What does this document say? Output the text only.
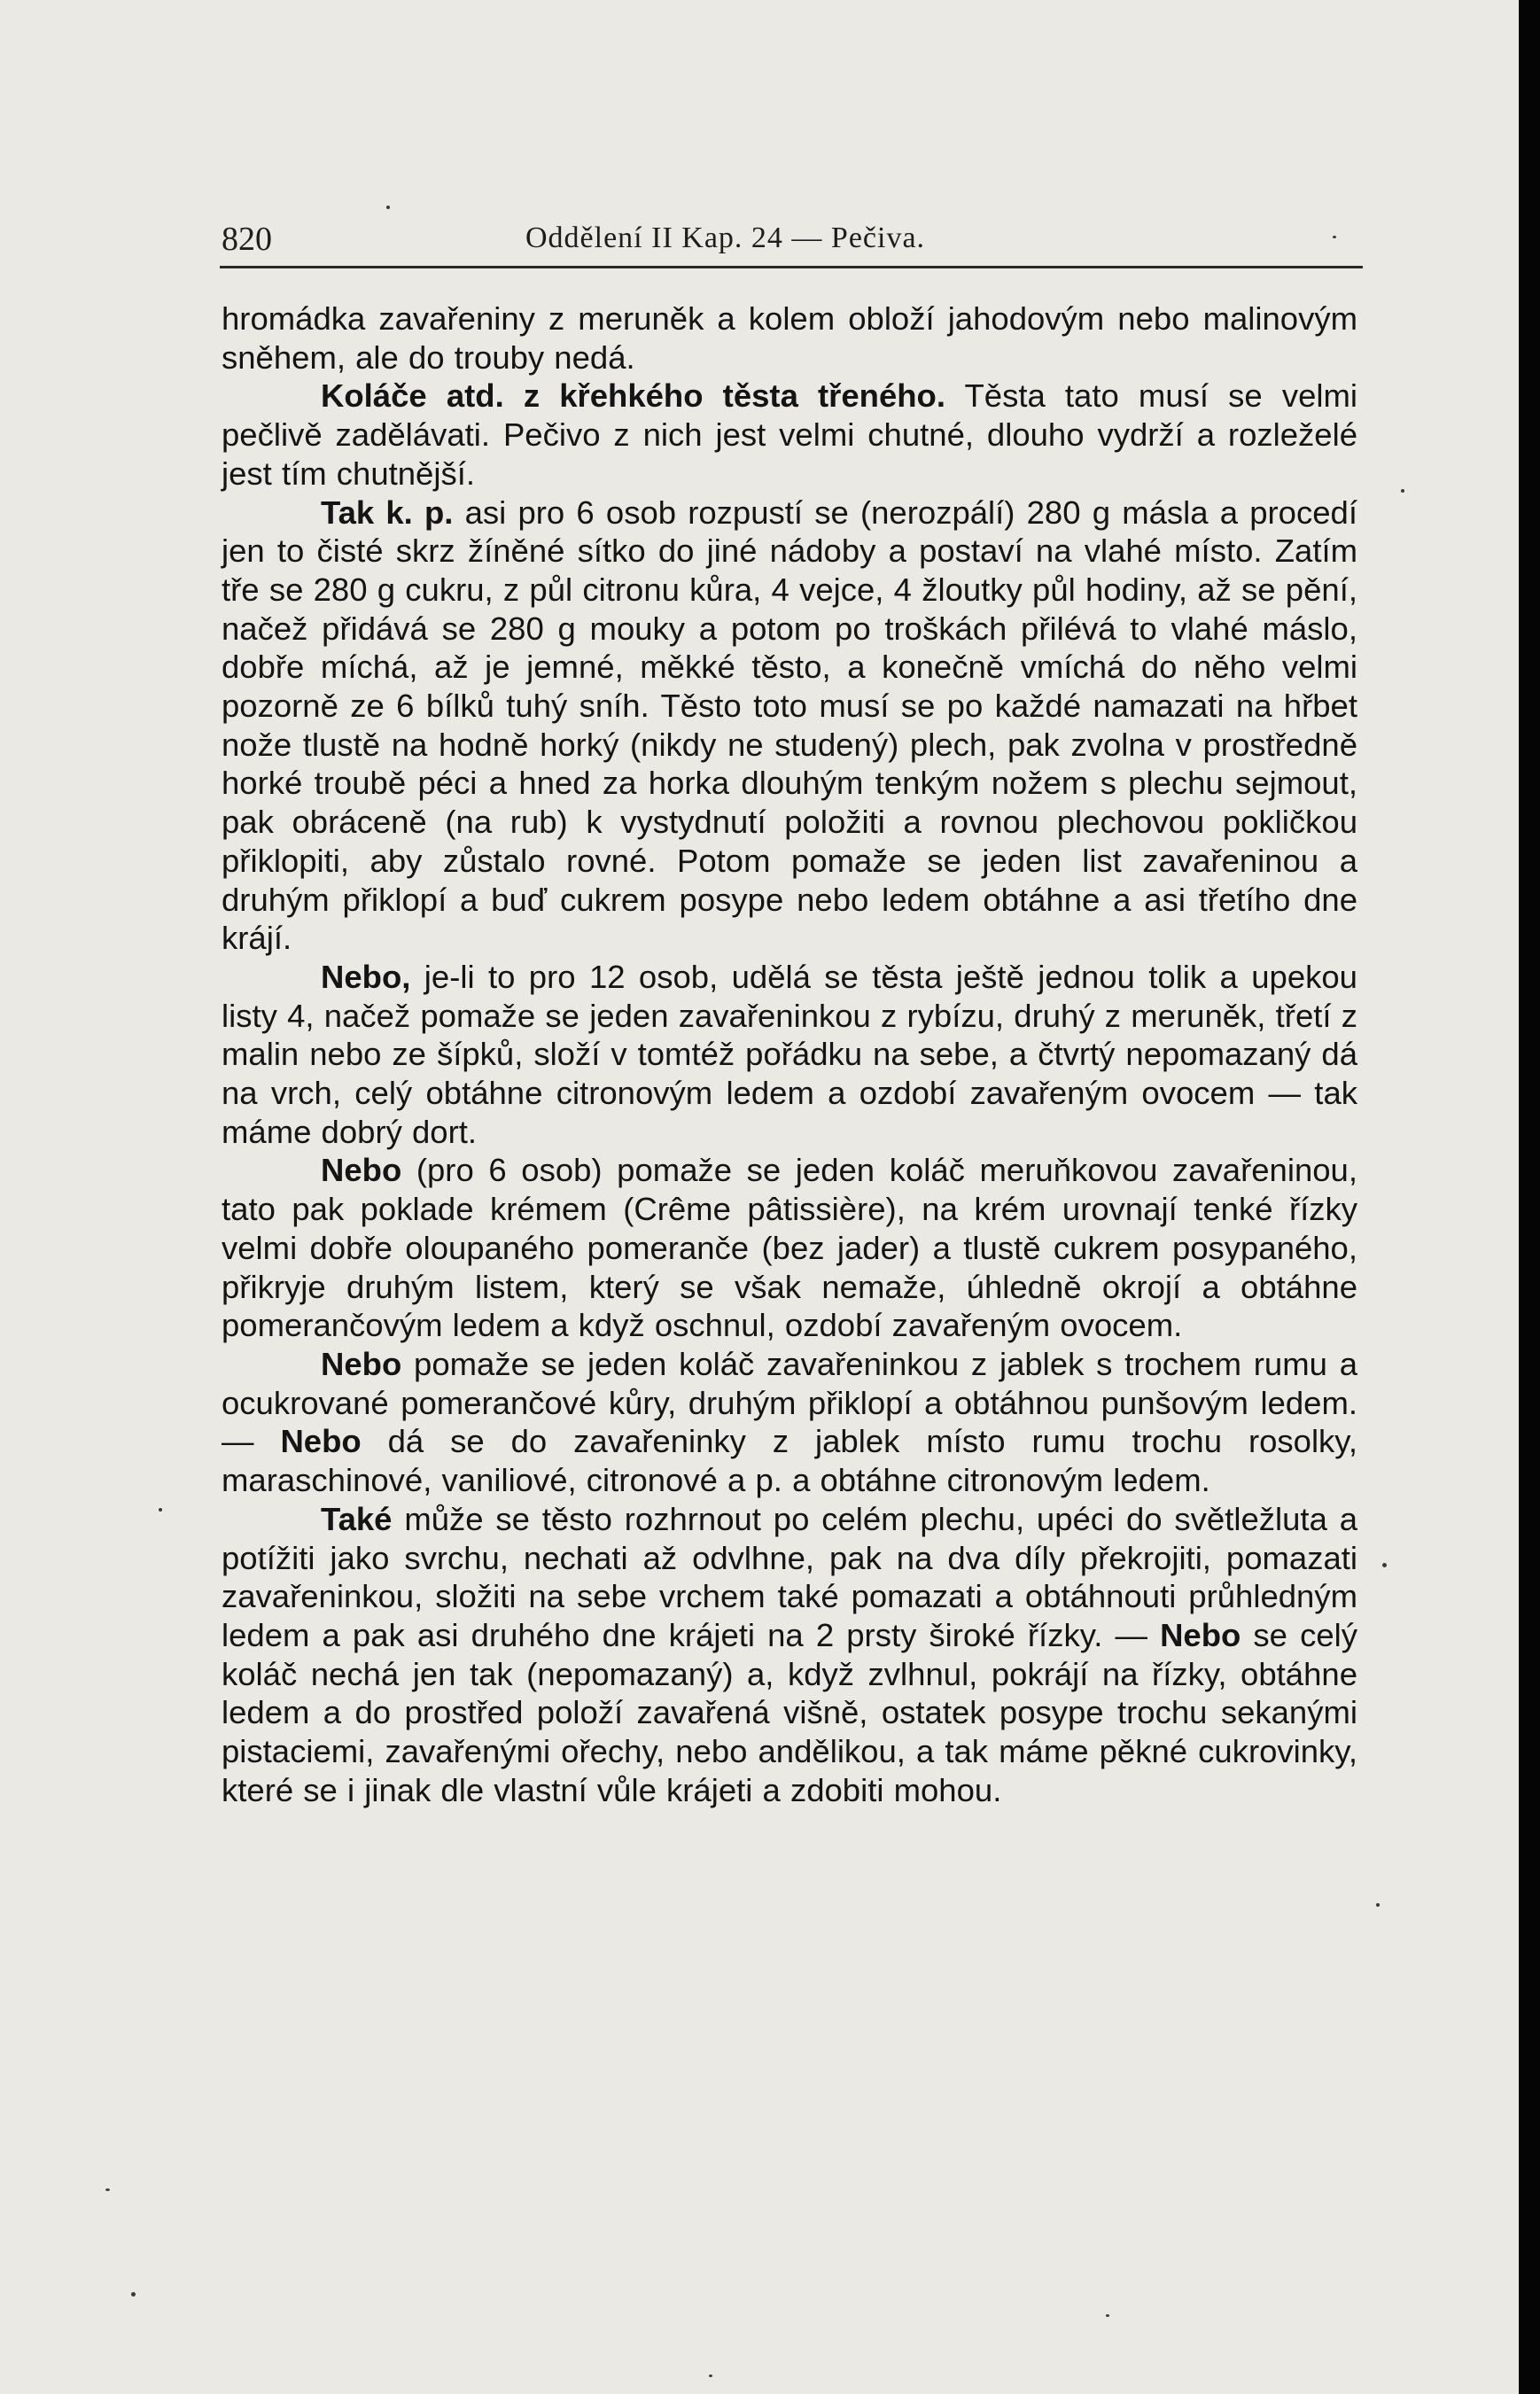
820	Oddělení II Kap. 24 — Pečiva.

hromádka zavařeniny z meruněk a kolem obloží jahodovým nebo malinovým sněhem, ale do trouby nedá.

Koláče atd. z křehkého těsta třeného. Těsta tato musí se velmi pečlivě zadělávati. Pečivo z nich jest velmi chutné, dlouho vydrží a rozleželé jest tím chutnější.

Tak k. p. asi pro 6 osob rozpustí se (nerozpálí) 280 g másla a procedí jen to čisté skrz žíněné sítko do jiné nádoby a postaví na vlahé místo. Zatím tře se 280 g cukru, z půl citronu kůra, 4 vejce, 4 žloutky půl hodiny, až se pění, načež přidává se 280 g mouky a potom po troškách přilévá to vlahé máslo, dobře míchá, až je jemné, měkké těsto, a konečně vmíchá do něho velmi pozorně ze 6 bílků tuhý sníh. Těsto toto musí se po každé namazati na hřbet nože tlustě na hodně horký (nikdy ne studený) plech, pak zvolna v prostředně horké troubě péci a hned za horka dlouhým tenkým nožem s plechu sejmout, pak obráceně (na rub) k vystydnutí položiti a rovnou plechovou pokličkou přiklopiti, aby zůstalo rovné. Potom pomaže se jeden list zavařeninou a druhým přiklopí a buď cukrem posype nebo ledem obtáhne a asi třetího dne krájí.

Nebo, je-li to pro 12 osob, udělá se těsta ještě jednou tolik a upekou listy 4, načež pomaže se jeden zavařeninkou z rybízu, druhý z meruněk, třetí z malin nebo ze šípků, složí v tomtéž pořádku na sebe, a čtvrtý nepomazaný dá na vrch, celý obtáhne citronovým ledem a ozdobí zavařeným ovocem — tak máme dobrý dort.

Nebo (pro 6 osob) pomaže se jeden koláč meruňkovou zavařeninou, tato pak poklade krémem (Crême pâtissière), na krém urovnají tenké řízky velmi dobře oloupaného pomeranče (bez jader) a tlustě cukrem posypaného, přikryje druhým listem, který se však nemaže, úhledně okrojí a obtáhne pomerančovým ledem a když oschnul, ozdobí zavařeným ovocem.

Nebo pomaže se jeden koláč zavařeninkou z jablek s trochem rumu a ocukrované pomerančové kůry, druhým přiklopí a obtáhnou punšovým ledem. — Nebo dá se do zavařeninky z jablek místo rumu trochu rosolky, maraschinové, vaniliové, citronové a p. a obtáhne citronovým ledem.

Také může se těsto rozhrnout po celém plechu, upéci do světležluta a potížiti jako svrchu, nechati až odvlhne, pak na dva díly překrojiti, pomazati zavařeninkou, složiti na sebe vrchem také pomazati a obtáhnouti průhledným ledem a pak asi druhého dne krájeti na 2 prsty široké řízky. — Nebo se celý koláč nechá jen tak (nepomazaný) a, když zvlhnul, pokrájí na řízky, obtáhne ledem a do prostřed položí zavařená višně, ostatek posype trochu sekanými pistaciemi, zavařenými ořechy, nebo andělikou, a tak máme pěkné cukrovinky, které se i jinak dle vlastní vůle krájeti a zdobiti mohou.
